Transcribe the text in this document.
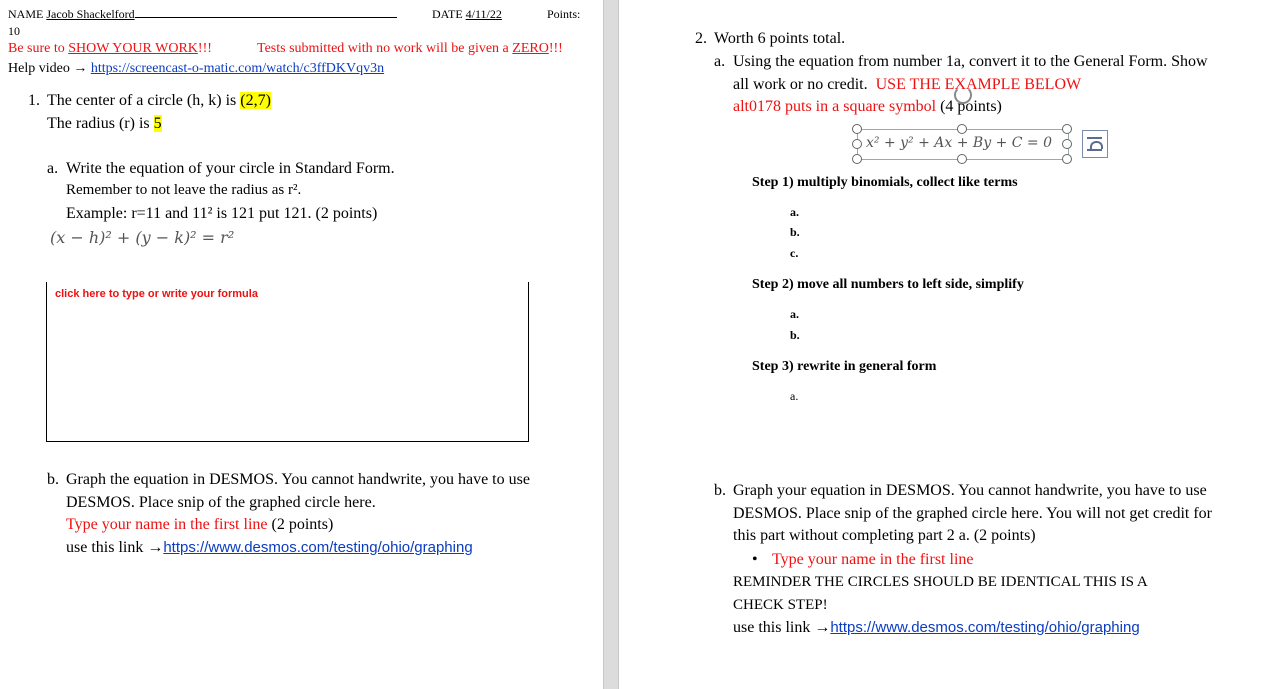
NAME Jacob Shackelford	DATE 4/11/22	Points:
10
Be sure to SHOW YOUR WORK!!!	Tests submitted with no work will be given a ZERO!!!
Help video → https://screencast-o-matic.com/watch/c3ffDKVqv3n
1. The center of a circle (h, k) is (2,7)
The radius (r) is 5
a. Write the equation of your circle in Standard Form.
Remember to not leave the radius as r².
Example: r=11 and 11² is 121 put 121. (2 points)
(x − h)² + (y − k)² = r²
click here to type or write your formula
b. Graph the equation in DESMOS. You cannot handwrite, you have to use
DESMOS. Place snip of the graphed circle here.
Type your name in the first line (2 points)
use this link →https://www.desmos.com/testing/ohio/graphing
2. Worth 6 points total.
a. Using the equation from number 1a, convert it to the General Form. Show
all work or no credit. USE THE EXAMPLE BELOW
alt0178 puts in a square symbol (4 points)
x² + y² + Ax + By + C = 0
Step 1) multiply binomials, collect like terms
a.
b.
c.
Step 2) move all numbers to left side, simplify
a.
b.
Step 3) rewrite in general form
a.
b. Graph your equation in DESMOS. You cannot handwrite, you have to use
DESMOS. Place snip of the graphed circle here. You will not get credit for
this part without completing part 2 a. (2 points)
• Type your name in the first line
REMINDER THE CIRCLES SHOULD BE IDENTICAL THIS IS A
CHECK STEP!
use this link →https://www.desmos.com/testing/ohio/graphing
